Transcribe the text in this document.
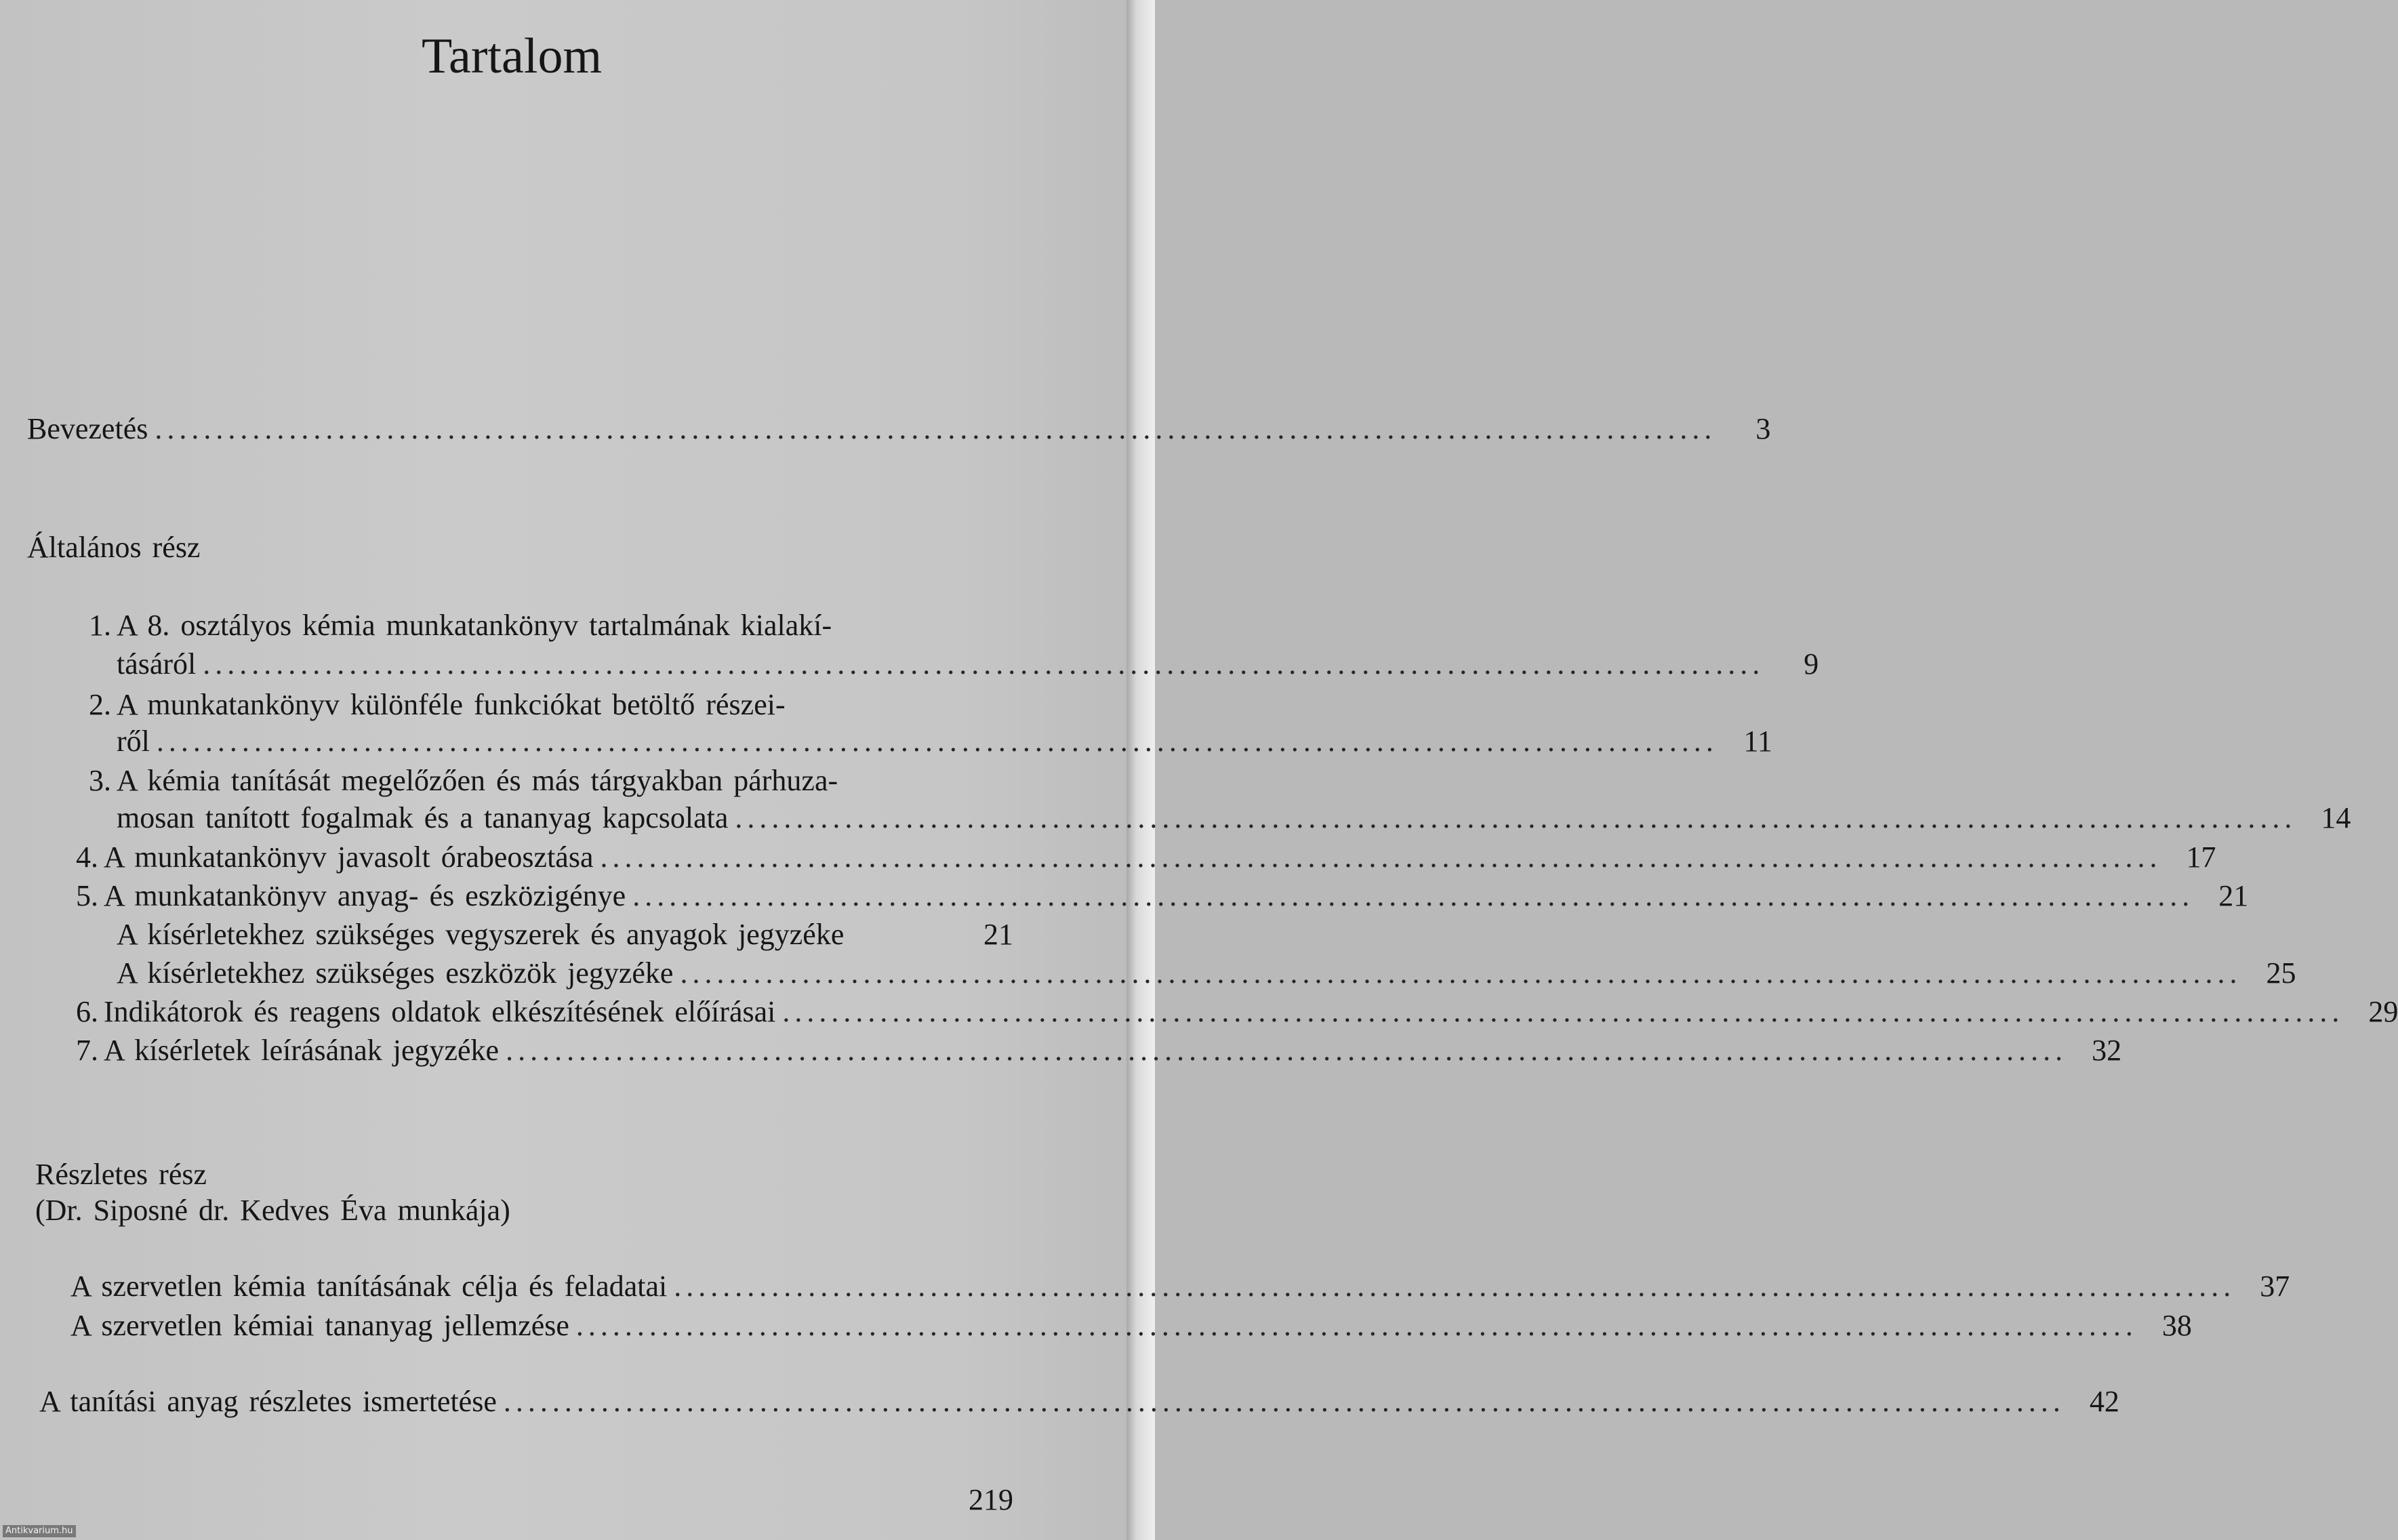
Tartalom
Bevezetés ................................................................................................................................	3
Általános rész
1. A 8. osztályos kémia munkatankönyv tartalmának kialakí-
tásáról ................................................................................................................................	9
2. A munkatankönyv különféle funkciókat betöltő részei-
ről ................................................................................................................................ 11
3. A kémia tanítását megelőzően és más tárgyakban párhuza-
mosan tanított fogalmak és a tananyag kapcsolata ................................................................................................................................ 14
4. A munkatankönyv javasolt órabeosztása ................................................................................................................................ 17
5. A munkatankönyv anyag- és eszközigénye ................................................................................................................................ 21
A kísérletekhez szükséges vegyszerek és anyagok jegyzéke	21
A kísérletekhez szükséges eszközök jegyzéke ................................................................................................................................ 25
6. Indikátorok és reagens oldatok elkészítésének előírásai ................................................................................................................................ 29
7. A kísérletek leírásának jegyzéke ................................................................................................................................ 32
Részletes rész
(Dr. Siposné dr. Kedves Éva munkája)
A szervetlen kémia tanításának célja és feladatai ................................................................................................................................ 37
A szervetlen kémiai tananyag jellemzése ................................................................................................................................ 38
A tanítási anyag részletes ismertetése ................................................................................................................................ 42
219
Antikvarium.hu
